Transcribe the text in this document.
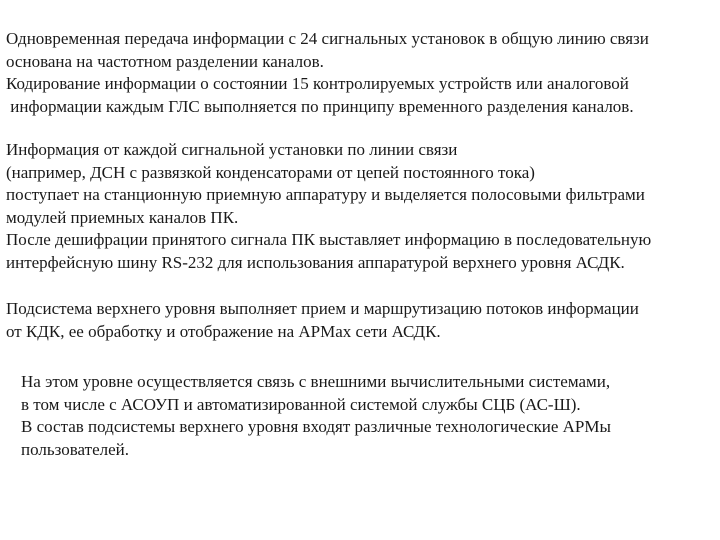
Одновременная передача информации с 24 сигнальных установок в общую линию связи
основана на частотном разделении каналов.
Кодирование информации о состоянии 15 контролируемых устройств или аналоговой
информации каждым ГЛС выполняется по принципу временного разделения каналов.

Информация от каждой сигнальной установки по линии связи
(например, ДСН с развязкой конденсаторами от цепей постоянного тока)
поступает на станционную приемную аппаратуру и выделяется полосовыми фильтрами
модулей приемных каналов ПК.
После дешифрации принятого сигнала ПК выставляет информацию в последовательную
интерфейсную шину RS-232 для использования аппаратурой верхнего уровня АСДК.

Подсистема верхнего уровня выполняет прием и маршрутизацию потоков информации
от КДК, ее обработку и отображение на АРМах сети АСДК.

На этом уровне осуществляется связь с внешними вычислительными системами,
в том числе с АСОУП и автоматизированной системой службы СЦБ (АС-Ш).
В состав подсистемы верхнего уровня входят различные технологические АРМы
пользователей.
